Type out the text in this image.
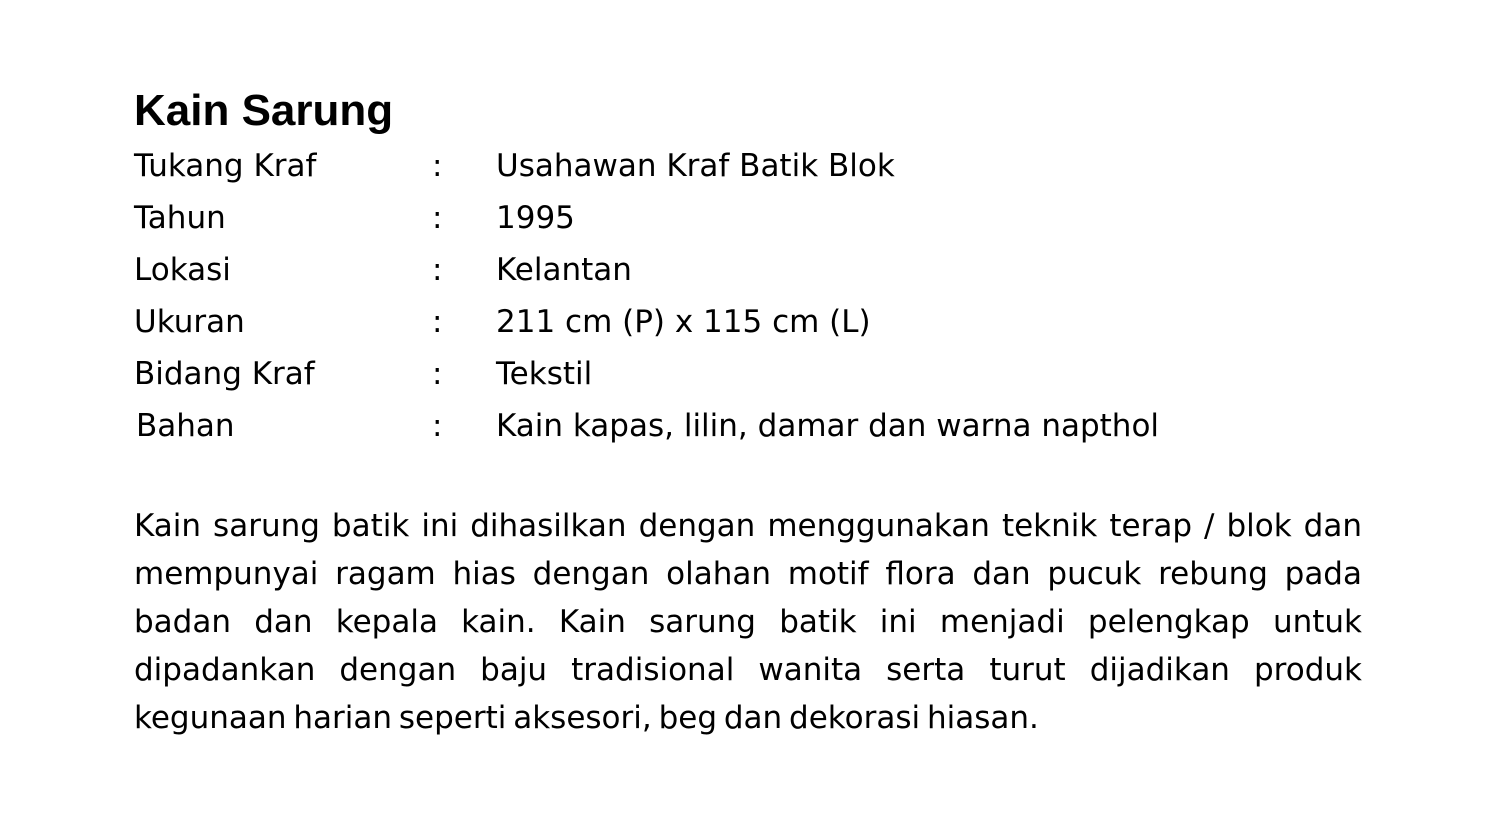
Kain Sarung
Tukang Kraf	:	Usahawan Kraf Batik Blok
Tahun	:	1995
Lokasi	:	Kelantan
Ukuran	:	211 cm (P) x 115 cm (L)
Bidang Kraf	:	Tekstil
Bahan	:	Kain kapas, lilin, damar dan warna napthol

Kain sarung batik ini dihasilkan dengan menggunakan teknik terap / blok dan mempunyai ragam hias dengan olahan motif flora dan pucuk rebung pada badan dan kepala kain. Kain sarung batik ini menjadi pelengkap untuk dipadankan dengan baju tradisional wanita serta turut dijadikan produk kegunaan harian seperti aksesori, beg dan dekorasi hiasan.
